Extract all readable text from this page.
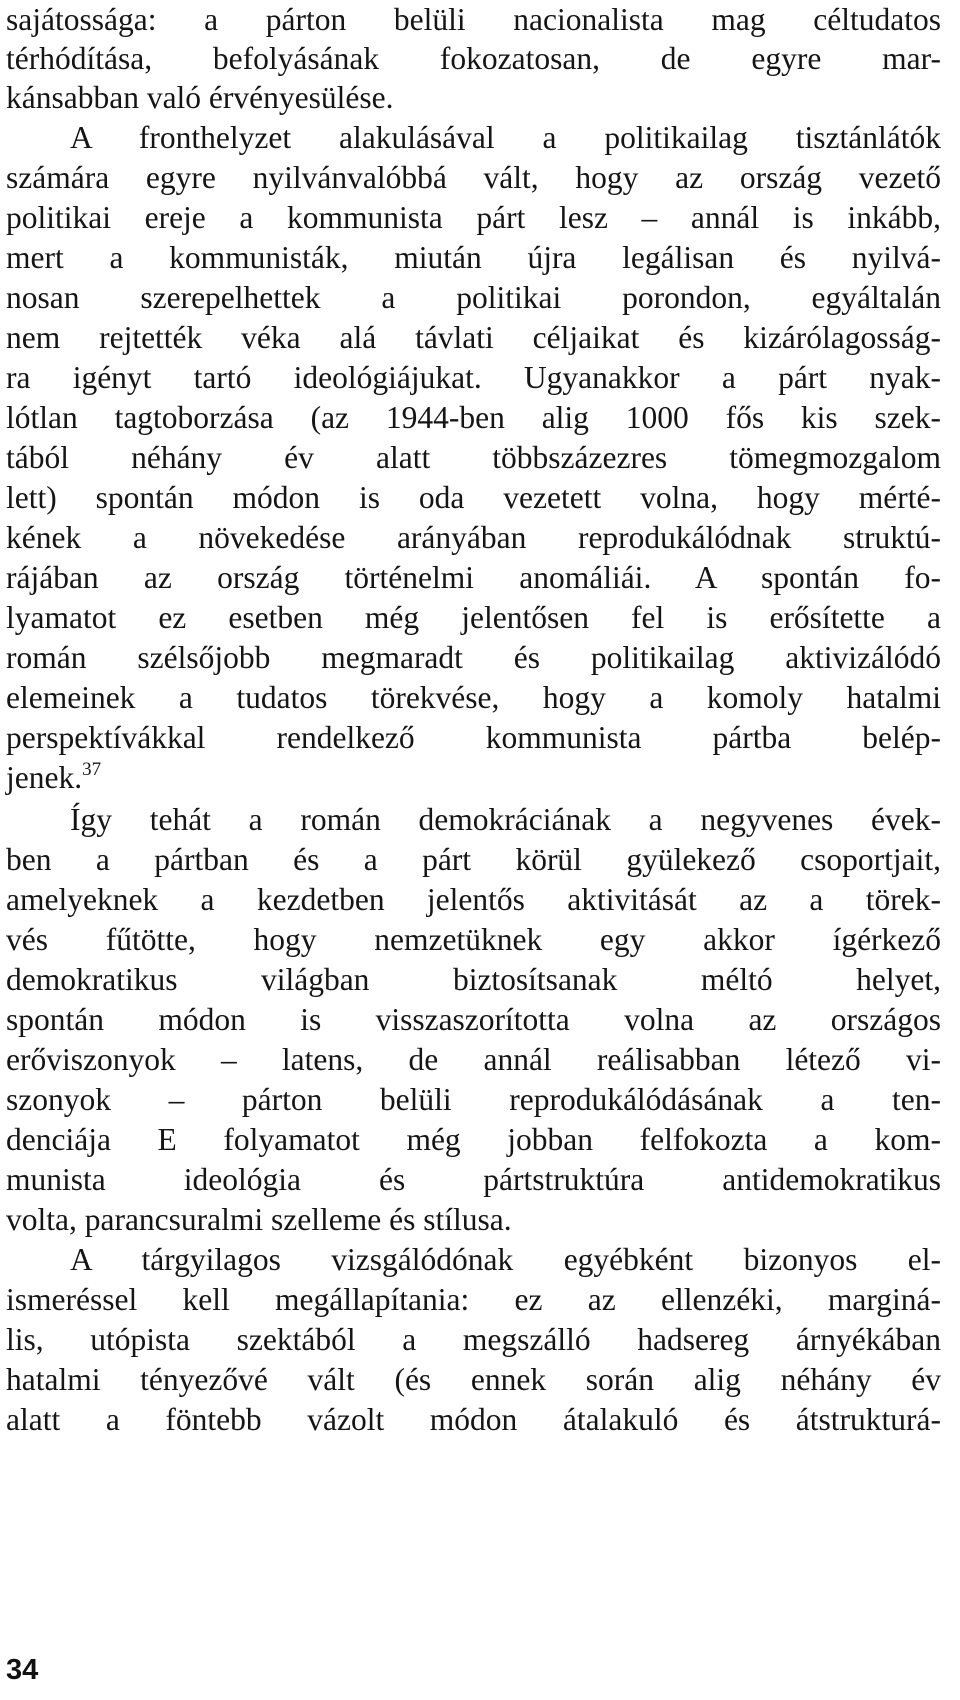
sajátossága: a párton belüli nacionalista mag céltudatos
térhódítása, befolyásának fokozatosan, de egyre mar-
kánsabban való érvényesülése.
A fronthelyzet alakulásával a politikailag tisztánlátók
számára egyre nyilvánvalóbbá vált, hogy az ország vezető
politikai ereje a kommunista párt lesz – annál is inkább,
mert a kommunisták, miután újra legálisan és nyilvá-
nosan szerepelhettek a politikai porondon, egyáltalán
nem rejtették véka alá távlati céljaikat és kizárólagosság-
ra igényt tartó ideológiájukat. Ugyanakkor a párt nyak-
lótlan tagtoborzása (az 1944-ben alig 1000 fős kis szek-
tából néhány év alatt többszázezres tömegmozgalom
lett) spontán módon is oda vezetett volna, hogy mérté-
kének a növekedése arányában reprodukálódnak struktú-
rájában az ország történelmi anomáliái. A spontán fo-
lyamatot ez esetben még jelentősen fel is erősítette a
román szélsőjobb megmaradt és politikailag aktivizálódó
elemeinek a tudatos törekvése, hogy a komoly hatalmi
perspektívákkal rendelkező kommunista pártba belép-
jenek.$^{37}$
Így tehát a román demokráciának a negyvenes évek-
ben a pártban és a párt körül gyülekező csoportjait,
amelyeknek a kezdetben jelentős aktivitását az a törek-
vés fűtötte, hogy nemzetüknek egy akkor ígérkező
demokratikus világban biztosítsanak méltó helyet,
spontán módon is visszaszorította volna az országos
erőviszonyok – latens, de annál reálisabban létező vi-
szonyok – párton belüli reprodukálódásának a ten-
denciája E folyamatot még jobban felfokozta a kom-
munista ideológia és pártstruktúra antidemokratikus
volta, parancsuralmi szelleme és stílusa.
A tárgyilagos vizsgálódónak egyébként bizonyos el-
ismeréssel kell megállapítania: ez az ellenzéki, marginá-
lis, utópista szektából a megszálló hadsereg árnyékában
hatalmi tényezővé vált (és ennek során alig néhány év
alatt a föntebb vázolt módon átalakuló és átstrukturá-
34
